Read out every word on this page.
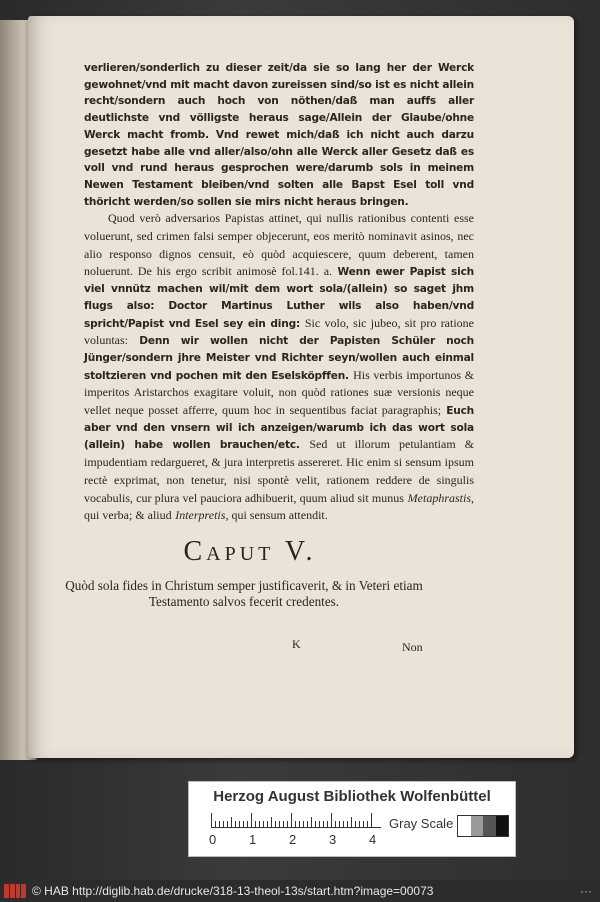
verlieren/sonderlich zu dieser zeit/da sie so lang her der Werck gewohnet/vnd mit macht davon zureissen sind/so ist es nicht allein recht/sondern auch hoch von nöthen/daß man auffs aller deutlichste vnd völligste heraus sage/Allein der Glaube/ohne Werck macht fromb. Vnd rewet mich/daß ich nicht auch darzu gesetzt habe alle vnd aller/also/ohn alle Werck aller Gesetz daß es voll vnd rund heraus gesprochen were/darumb sols in meinem Newen Testament bleiben/vnd solten alle Bapst Esel toll vnd thöricht werden/so sollen sie mirs nicht heraus bringen.

Quod verò adversarios Papistas attinet, qui nullis rationibus contenti esse voluerunt, sed crimen falsi semper objecerunt, eos meritò nominavit asinos, nec alio responso dignos censuit, eò quòd acquiescere, quum deberent, tamen noluerunt. De his ergo scribit animosè fol.141. a. Wenn ewer Papist sich viel vnnütz machen wil/mit dem wort sola/(allein) so saget jhm flugs also: Doctor Martinus Luther wils also haben/vnd spricht/Papist vnd Esel sey ein ding: Sic volo, sic jubeo, sit pro ratione voluntas: Denn wir wollen nicht der Papisten Schüler noch Jünger/sondern jhre Meister vnd Richter seyn/wollen auch einmal stoltzieren vnd pochen mit den Eselsköpffen. His verbis importunos & imperitos Aristarchos exagitare voluit, non quòd rationes suæ versionis neque vellet neque posset afferre, quum hoc in sequentibus faciat paragraphis; Euch aber vnd den vnsern wil ich anzeigen/warumb ich das wort sola (allein) habe wollen brauchen/etc. Sed ut illorum petulantiam & impudentiam redargueret, & jura interpretis assereret. Hic enim si sensum ipsum rectè exprimat, non tenetur, nisi spontè velit, rationem reddere de singulis vocabulis, cur plura vel pauciora adhibuerit, quum aliud sit munus Metaphrastis, qui verba; & aliud Interpretis, qui sensum attendit.

CAPUT V.
Quòd sola fides in Christum semper justificaverit, & in Veteri etiam Testamento salvos fecerit credentes.
K	Non
Herzog August Bibliothek Wolfenbüttel
0	1	2	3	4
Gray Scale
© HAB http://diglib.hab.de/drucke/318-13-theol-13s/start.htm?image=00073	···
